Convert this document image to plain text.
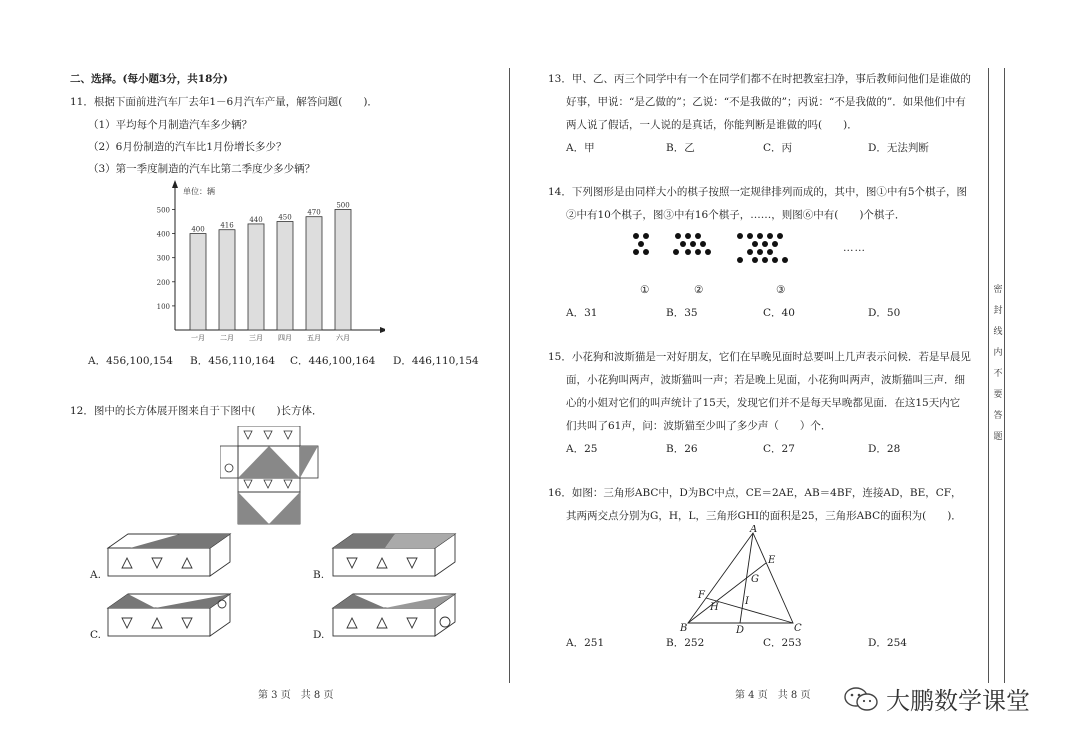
二、选择。(每小题3分，共18分)
11．根据下面前进汽车厂去年1－6月汽车产量，解答问题(　　)．
（1）平均每个月制造汽车多少辆？
（2）6月份制造的汽车比1月份增长多少？
（3）第一季度制造的汽车比第二季度少多少辆？
单位：辆
100
200
300
400
500
400
一月
416
二月
440
三月
450
四月
470
五月
500
六月
A．456,100,154 B．456,110,164 C．446,100,164 D．446,110,154
12．图中的长方体展开图来自于下图中(　　)长方体．
A.	B.
C.	D.
第 3 页　共 8 页
13．甲、乙、丙三个同学中有一个在同学们都不在时把教室扫净，事后教师问他们是谁做的
好事，甲说：“是乙做的”；乙说：“不是我做的”；丙说：“不是我做的”．如果他们中有
两人说了假话，一人说的是真话，你能判断是谁做的吗(　　)．
A．甲	B．乙	C．丙	D．无法判断
14．下列图形是由同样大小的棋子按照一定规律排列而成的，其中，图①中有5个棋子，图
②中有10个棋子，图③中有16个棋子，……，则图⑥中有(　　)个棋子．
……
①	②	③
A．31	B．35	C．40	D．50
15．小花狗和波斯猫是一对好朋友，它们在早晚见面时总要叫上几声表示问候．若是早晨见
面，小花狗叫两声，波斯猫叫一声；若是晚上见面，小花狗叫两声，波斯猫叫三声．细
心的小姐对它们的叫声统计了15天，发现它们并不是每天早晚都见面．在这15天内它
们共叫了61声，问：波斯猫至少叫了多少声（　　）个．
A．25	B．26	C．27	D．28
16．如图：三角形ABC中，D为BC中点，CE＝2AE，AB＝4BF，连接AD，BE，CF，
其两两交点分别为G，H，L，三角形GHI的面积是25，三角形ABC的面积为(　　)．
A
B	C
D
E
F
G
H
I
A．251	B．252	C．253	D．254
第 4 页　共 8 页
密封线内不要答题
大鹏数学课堂
